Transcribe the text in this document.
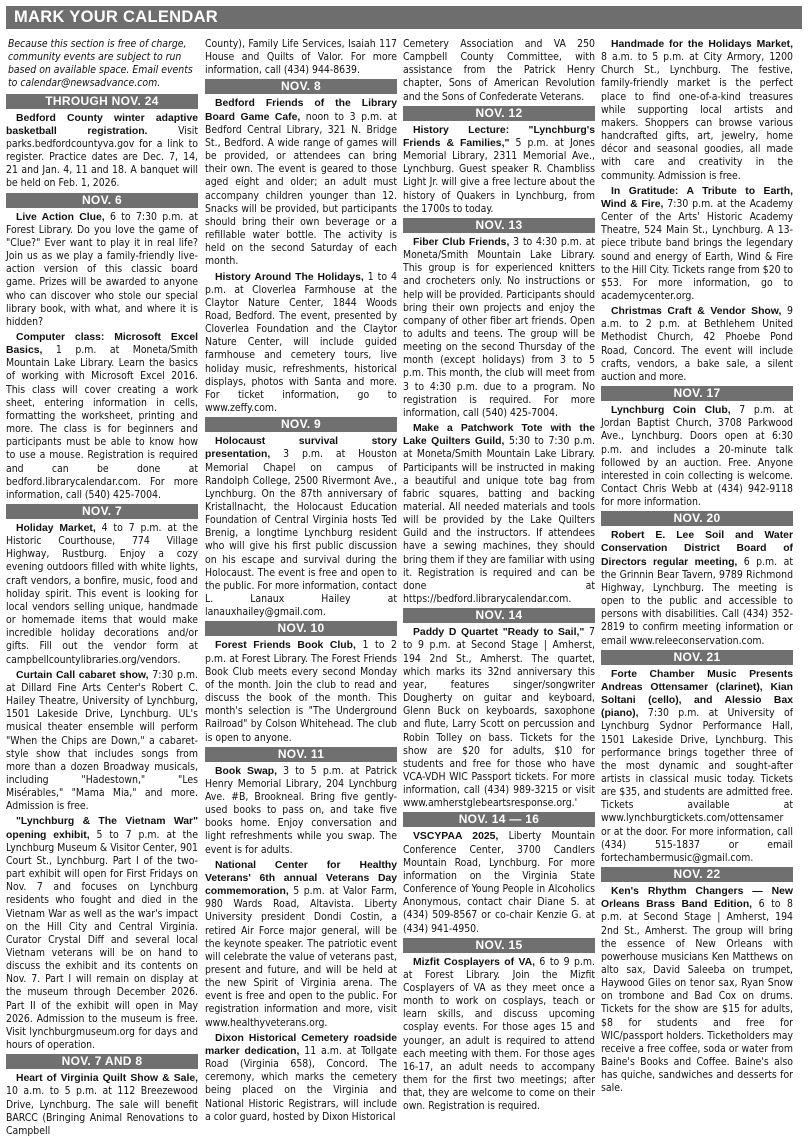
MARK YOUR CALENDAR
Because this section is free of charge, community events are subject to run based on available space. Email events to calendar@newsadvance.com.
THROUGH NOV. 24

Bedford County winter adaptive basketball registration. Visit parks.bedfordcountyva.gov for a link to register. Practice dates are Dec. 7, 14, 21 and Jan. 4, 11 and 18. A banquet will be held on Feb. 1, 2026.

NOV. 6

Live Action Clue, 6 to 7:30 p.m. at Forest Library. Do you love the game of "Clue?" Ever want to play it in real life? Join us as we play a family-friendly live-action version of this classic board game. Prizes will be awarded to anyone who can discover who stole our special library book, with what, and where it is hidden?

Computer class: Microsoft Excel Basics, 1 p.m. at Moneta/Smith Mountain Lake Library. Learn the basics of working with Microsoft Excel 2016. This class will cover creating a work sheet, entering information in cells, formatting the worksheet, printing and more. The class is for beginners and participants must be able to know how to use a mouse. Registration is required and can be done at bedford.librarycalendar.com. For more information, call (540) 425-7004.

NOV. 7

Holiday Market, 4 to 7 p.m. at the Historic Courthouse, 774 Village Highway, Rustburg. Enjoy a cozy evening outdoors filled with white lights, craft vendors, a bonfire, music, food and holiday spirit. This event is looking for local vendors selling unique, handmade or homemade items that would make incredible holiday decorations and/or gifts. Fill out the vendor form at campbellcountylibraries.org/vendors.

Curtain Call cabaret show, 7:30 p.m. at Dillard Fine Arts Center's Robert C. Hailey Theatre, University of Lynchburg, 1501 Lakeside Drive, Lynchburg. UL's musical theater ensemble will perform "When the Chips are Down," a cabaret-style show that includes songs from more than a dozen Broadway musicals, including "Hadestown," "Les Misérables," "Mama Mia," and more. Admission is free.

"Lynchburg & The Vietnam War" opening exhibit, 5 to 7 p.m. at the Lynchburg Museum & Visitor Center, 901 Court St., Lynchburg. Part I of the two-part exhibit will open for First Fridays on Nov. 7 and focuses on Lynchburg residents who fought and died in the Vietnam War as well as the war's impact on the Hill City and Central Virginia. Curator Crystal Diff and several local Vietnam veterans will be on hand to discuss the exhibit and its contents on Nov. 7. Part I will remain on display at the museum through December 2026. Part II of the exhibit will open in May 2026. Admission to the museum is free. Visit lynchburgmuseum.org for days and hours of operation.

NOV. 7 AND 8

Heart of Virginia Quilt Show & Sale, 10 a.m. to 5 p.m. at 112 Breezewood Drive, Lynchburg. The sale will benefit BARCC (Bringing Animal Renovations to Campbell

County), Family Life Services, Isaiah 117 House and Quilts of Valor. For more information, call (434) 944-8639.

NOV. 8

Bedford Friends of the Library Board Game Cafe, noon to 3 p.m. at Bedford Central Library, 321 N. Bridge St., Bedford. A wide range of games will be provided, or attendees can bring their own. The event is geared to those aged eight and older; an adult must accompany children younger than 12. Snacks will be provided, but participants should bring their own beverage or a refillable water bottle. The activity is held on the second Saturday of each month.

History Around The Holidays, 1 to 4 p.m. at Cloverlea Farmhouse at the Claytor Nature Center, 1844 Woods Road, Bedford. The event, presented by Cloverlea Foundation and the Claytor Nature Center, will include guided farmhouse and cemetery tours, live holiday music, refreshments, historical displays, photos with Santa and more. For ticket information, go to www.zeffy.com.

NOV. 9

Holocaust survival story presentation, 3 p.m. at Houston Memorial Chapel on campus of Randolph College, 2500 Rivermont Ave., Lynchburg. On the 87th anniversary of Kristallnacht, the Holocaust Education Foundation of Central Virginia hosts Ted Brenig, a longtime Lynchburg resident who will give his first public discussion on his escape and survival during the Holocaust. The event is free and open to the public. For more information, contact L. Lanaux Hailey at lanauxhailey@gmail.com.

NOV. 10

Forest Friends Book Club, 1 to 2 p.m. at Forest Library. The Forest Friends Book Club meets every second Monday of the month. Join the club to read and discuss the book of the month. This month's selection is "The Underground Railroad" by Colson Whitehead. The club is open to anyone.

NOV. 11

Book Swap, 3 to 5 p.m. at Patrick Henry Memorial Library, 204 Lynchburg Ave. #B, Brookneal. Bring five gently-used books to pass on, and take five books home. Enjoy conversation and light refreshments while you swap. The event is for adults.

National Center for Healthy Veterans' 6th annual Veterans Day commemoration, 5 p.m. at Valor Farm, 980 Wards Road, Altavista. Liberty University president Dondi Costin, a retired Air Force major general, will be the keynote speaker. The patriotic event will celebrate the value of veterans past, present and future, and will be held at the new Spirit of Virginia arena. The event is free and open to the public. For registration information and more, visit www.healthyveterans.org.

Dixon Historical Cemetery roadside marker dedication, 11 a.m. at Tollgate Road (Virginia 658), Concord. The ceremony, which marks the cemetery being placed on the Virginia and National Historic Registrars, will include a color guard, hosted by Dixon Historical

Cemetery Association and VA 250 Campbell County Committee, with assistance from the Patrick Henry chapter, Sons of American Revolution and the Sons of Confederate Veterans.

NOV. 12

History Lecture: "Lynchburg's Friends & Families," 5 p.m. at Jones Memorial Library, 2311 Memorial Ave., Lynchburg. Guest speaker R. Chambliss Light Jr. will give a free lecture about the history of Quakers in Lynchburg, from the 1700s to today.

NOV. 13

Fiber Club Friends, 3 to 4:30 p.m. at Moneta/Smith Mountain Lake Library. This group is for experienced knitters and crocheters only. No instructions or help will be provided. Participants should bring their own projects and enjoy the company of other fiber art friends. Open to adults and teens. The group will be meeting on the second Thursday of the month (except holidays) from 3 to 5 p.m. This month, the club will meet from 3 to 4:30 p.m. due to a program. No registration is required. For more information, call (540) 425-7004.

Make a Patchwork Tote with the Lake Quilters Guild, 5:30 to 7:30 p.m. at Moneta/Smith Mountain Lake Library. Participants will be instructed in making a beautiful and unique tote bag from fabric squares, batting and backing material. All needed materials and tools will be provided by the Lake Quilters Guild and the instructors. If attendees have a sewing machines, they should bring them if they are familiar with using it. Registration is required and can be done at https://bedford.librarycalendar.com.

NOV. 14

Paddy D Quartet "Ready to Sail," 7 to 9 p.m. at Second Stage | Amherst, 194 2nd St., Amherst. The quartet, which marks its 32nd anniversary this year, features singer/songwriter Dougherty on guitar and keyboard, Glenn Buck on keyboards, saxophone and flute, Larry Scott on percussion and Robin Tolley on bass. Tickets for the show are $20 for adults, $10 for students and free for those who have VCA-VDH WIC Passport tickets. For more information, call (434) 989-3215 or visit www.amherstglebeartsresponse.org.'

NOV. 14 — 16

VSCYPAA 2025, Liberty Mountain Conference Center, 3700 Candlers Mountain Road, Lynchburg. For more information on the Virginia State Conference of Young People in Alcoholics Anonymous, contact chair Diane S. at (434) 509-8567 or co-chair Kenzie G. at (434) 941-4950.

NOV. 15

Mizfit Cosplayers of VA, 6 to 9 p.m. at Forest Library. Join the Mizfit Cosplayers of VA as they meet once a month to work on cosplays, teach or learn skills, and discuss upcoming cosplay events. For those ages 15 and younger, an adult is required to attend each meeting with them. For those ages 16-17, an adult needs to accompany them for the first two meetings; after that, they are welcome to come on their own. Registration is required.

Handmade for the Holidays Market, 8 a.m. to 5 p.m. at City Armory, 1200 Church St., Lynchburg. The festive, family-friendly market is the perfect place to find one-of-a-kind treasures while supporting local artists and makers. Shoppers can browse various handcrafted gifts, art, jewelry, home décor and seasonal goodies, all made with care and creativity in the community. Admission is free.

In Gratitude: A Tribute to Earth, Wind & Fire, 7:30 p.m. at the Academy Center of the Arts' Historic Academy Theatre, 524 Main St., Lynchburg. A 13-piece tribute band brings the legendary sound and energy of Earth, Wind & Fire to the Hill City. Tickets range from $20 to $53. For more information, go to academycenter.org.

Christmas Craft & Vendor Show, 9 a.m. to 2 p.m. at Bethlehem United Methodist Church, 42 Phoebe Pond Road, Concord. The event will include crafts, vendors, a bake sale, a silent auction and more.

NOV. 17

Lynchburg Coin Club, 7 p.m. at Jordan Baptist Church, 3708 Parkwood Ave., Lynchburg. Doors open at 6:30 p.m. and includes a 20-minute talk followed by an auction. Free. Anyone interested in coin collecting is welcome. Contact Chris Webb at (434) 942-9118 for more information.

NOV. 20

Robert E. Lee Soil and Water Conservation District Board of Directors regular meeting, 6 p.m. at the Grinnin Bear Tavern, 9789 Richmond Highway, Lynchburg. The meeting is open to the public and accessible to persons with disabilities. Call (434) 352-2819 to confirm meeting information or email www.releeconservation.com.

NOV. 21

Forte Chamber Music Presents Andreas Ottensamer (clarinet), Kian Soltani (cello), and Alessio Bax (piano), 7:30 p.m. at University of Lynchburg Sydnor Performance Hall, 1501 Lakeside Drive, Lynchburg. This performance brings together three of the most dynamic and sought-after artists in classical music today. Tickets are $35, and students are admitted free. Tickets available at www.lynchburgtickets.com/ottensamer or at the door. For more information, call (434) 515-1837 or email fortechambermusic@gmail.com.

NOV. 22

Ken's Rhythm Changers — New Orleans Brass Band Edition, 6 to 8 p.m. at Second Stage | Amherst, 194 2nd St., Amherst. The group will bring the essence of New Orleans with powerhouse musicians Ken Matthews on alto sax, David Saleeba on trumpet, Haywood Giles on tenor sax, Ryan Snow on trombone and Bad Cox on drums. Tickets for the show are $15 for adults, $8 for students and free for WIC/passport holders. Ticketholders may receive a free coffee, soda or water from Baine's Books and Coffee. Baine's also has quiche, sandwiches and desserts for sale.
